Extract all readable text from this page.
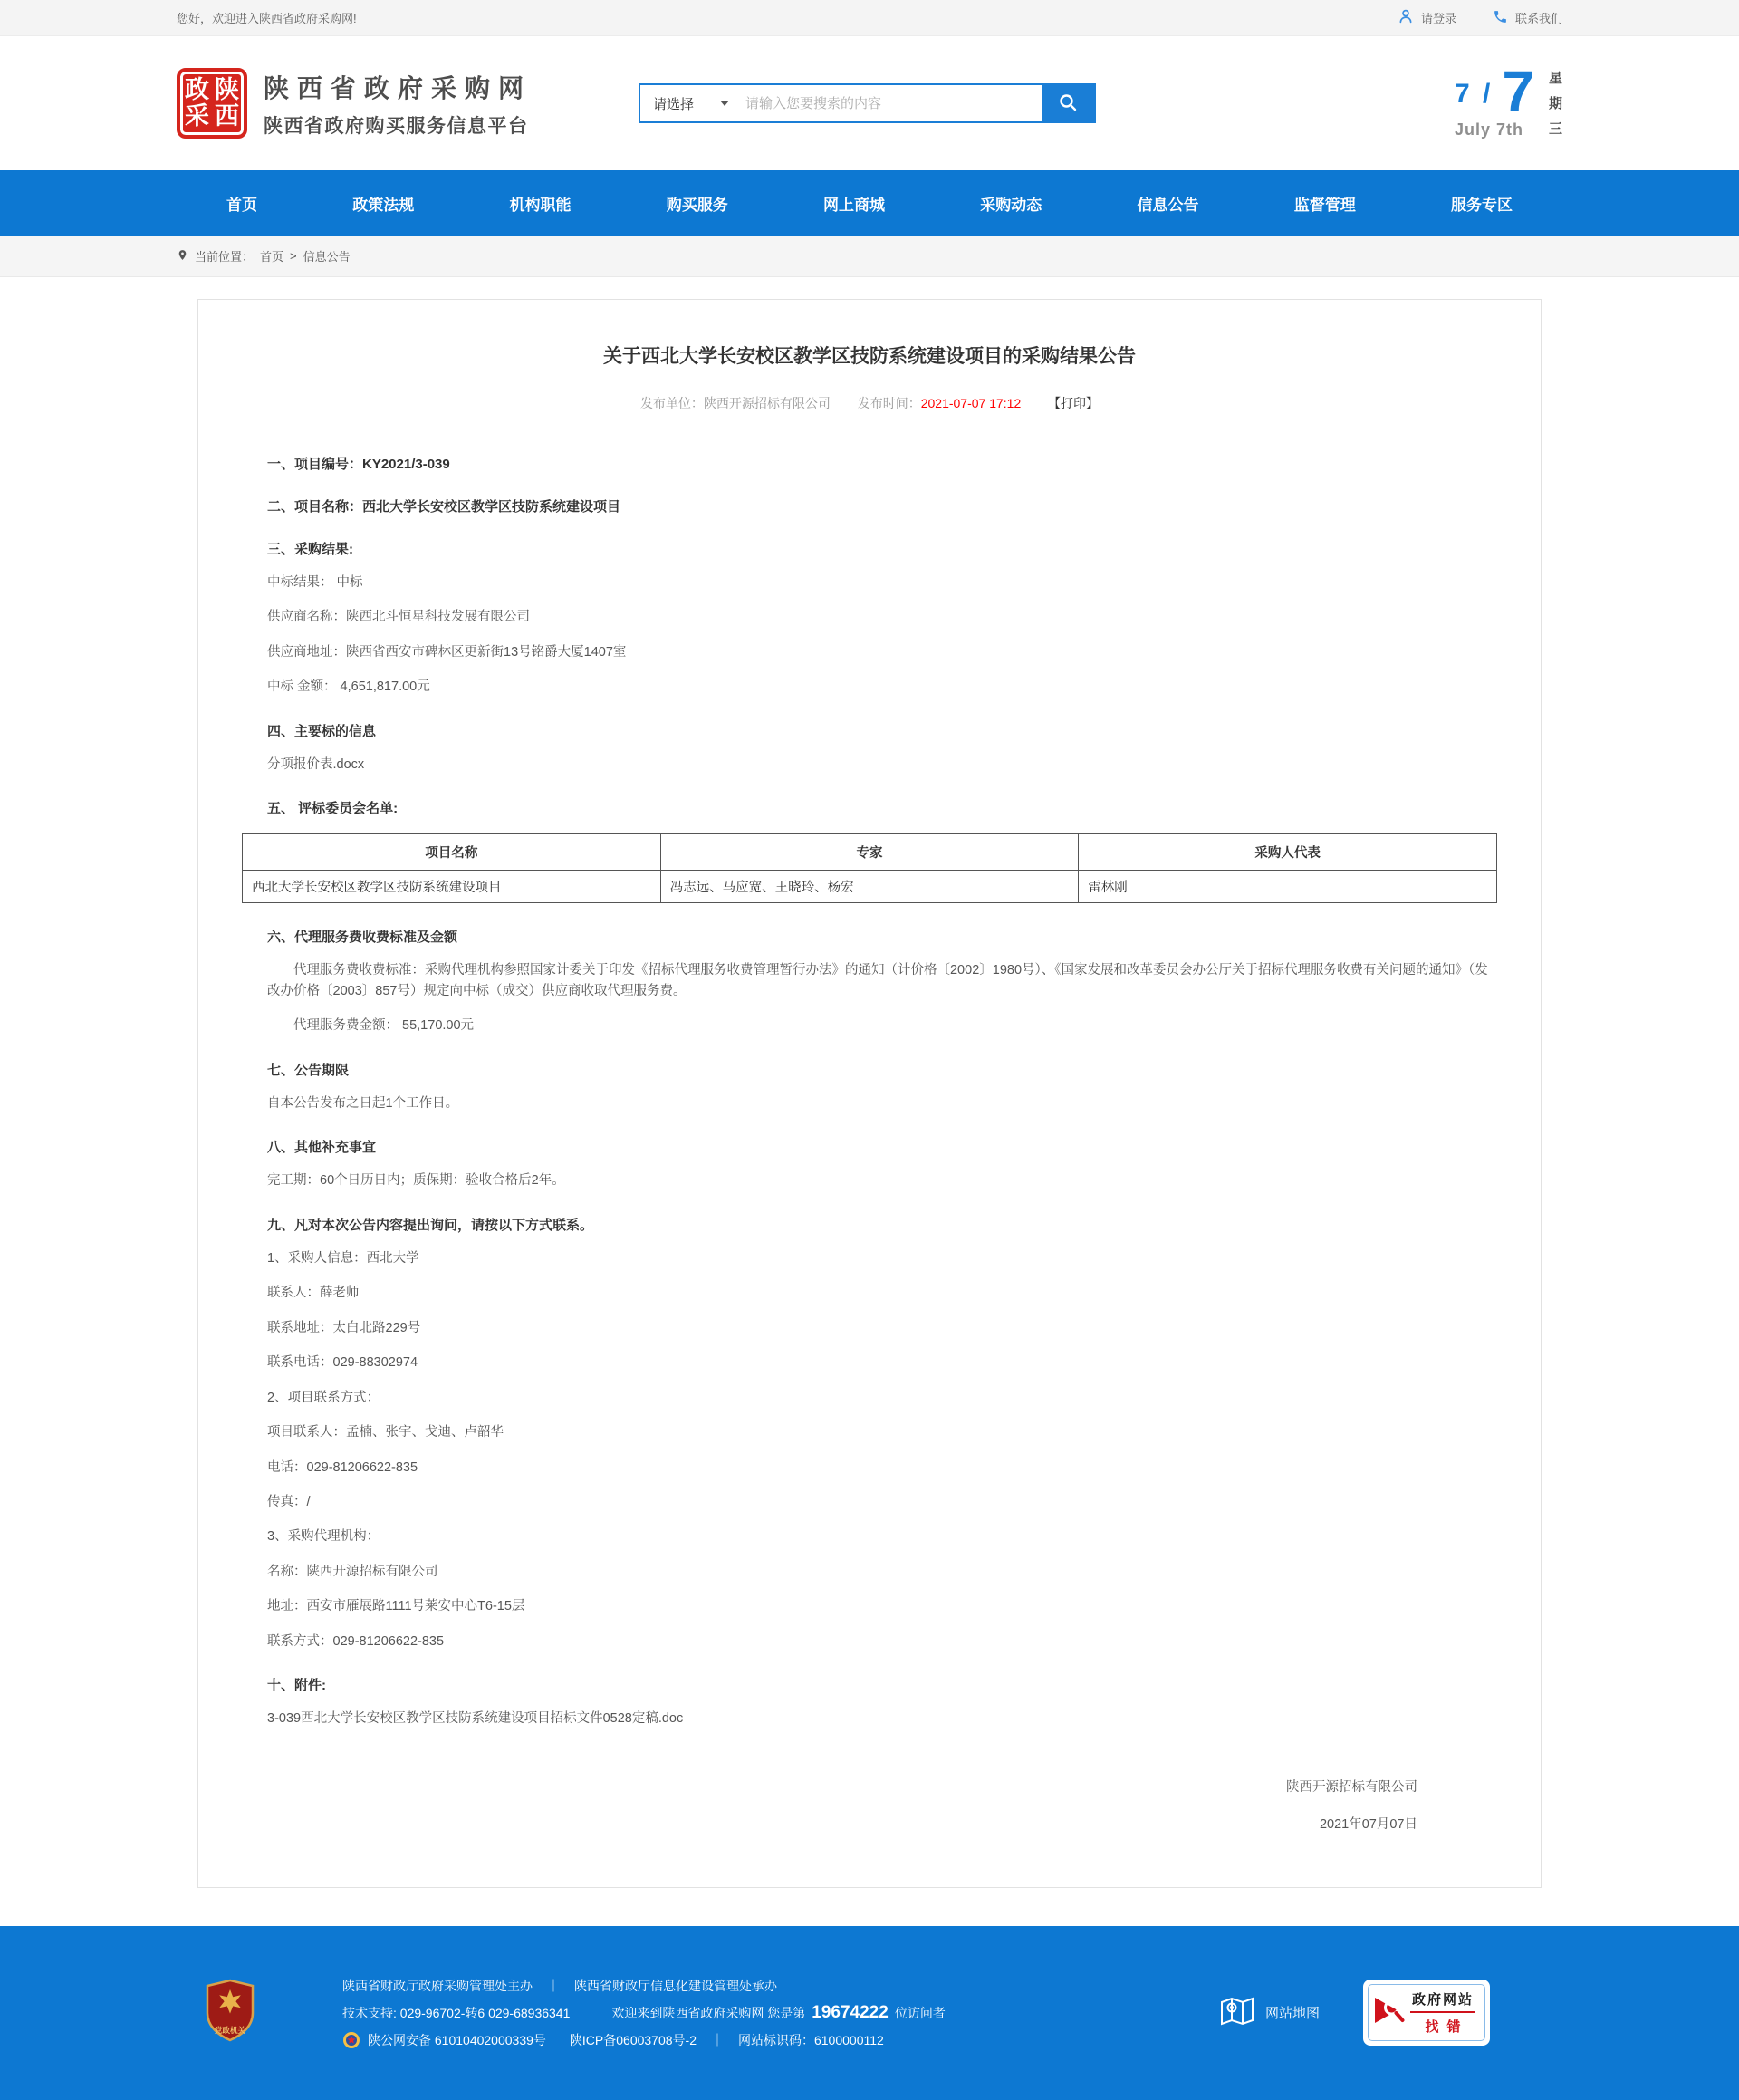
您好，欢迎进入陕西省政府采购网!	请登录	联系我们
政 陕
采 西
陕西省政府采购网
陕西省政府购买服务信息平台
请选择
请输入您要搜索的内容	7 / 7
July 7th
星
期
三
首页	政策法规	机构职能	购买服务	网上商城	采购动态	信息公告	监督管理	服务专区
当前位置： 首页 > 信息公告
关于西北大学长安校区教学区技防系统建设项目的采购结果公告
发布单位：陕西开源招标有限公司 发布时间：2021-07-07 17:12 【打印】
一、项目编号：KY2021/3-039
二、项目名称：西北大学长安校区教学区技防系统建设项目
三、采购结果:
中标结果： 中标
供应商名称：陕西北斗恒星科技发展有限公司
供应商地址：陕西省西安市碑林区更新街13号铭爵大厦1407室
中标 金额： 4,651,817.00元
四、主要标的信息
分项报价表.docx
五、 评标委员会名单:
项目名称	专家	采购人代表
西北大学长安校区教学区技防系统建设项目	冯志远、马应宽、王晓玲、杨宏	雷林刚
六、代理服务费收费标准及金额
代理服务费收费标准：采购代理机构参照国家计委关于印发《招标代理服务收费管理暂行办法》的通知（计价格〔2002〕1980号）、《国家发展和改革委员会办公厅关于招标代理服务收费有关问题的通知》（发改办价格〔2003〕857号）规定向中标（成交）供应商收取代理服务费。
代理服务费金额： 55,170.00元
七、公告期限
自本公告发布之日起1个工作日。
八、其他补充事宜
完工期：60个日历日内；质保期：验收合格后2年。
九、凡对本次公告内容提出询问，请按以下方式联系。
1、采购人信息：西北大学
联系人：薛老师
联系地址：太白北路229号
联系电话：029-88302974
2、项目联系方式：
项目联系人：孟楠、张宇、戈迪、卢韶华
电话：029-81206622-835
传真：/
3、采购代理机构：
名称：陕西开源招标有限公司
地址：西安市雁展路1111号莱安中心T6-15层
联系方式：029-81206622-835
十、附件:
3-039西北大学长安校区教学区技防系统建设项目招标文件0528定稿.doc
陕西开源招标有限公司
2021年07月07日
党政机关
陕西省财政厅政府采购管理处主办 ｜ 陕西省财政厅信息化建设管理处承办
技术支持: 029-96702-转6 029-68936341 ｜ 欢迎来到陕西省政府采购网 您是第 19674222 位访问者
陕公网安备 61010402000339号 陕ICP备06003708号-2 ｜ 网站标识码：6100000112
网站地图
政府网站
找错
